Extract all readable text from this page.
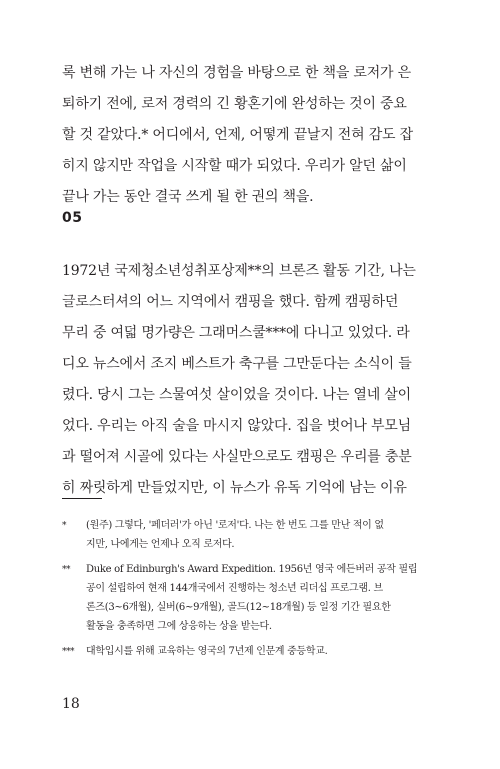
록 변해 가는 나 자신의 경험을 바탕으로 한 책을 로저가 은
퇴하기 전에, 로저 경력의 긴 황혼기에 완성하는 것이 중요
할 것 같았다.* 어디에서, 언제, 어떻게 끝날지 전혀 감도 잡
히지 않지만 작업을 시작할 때가 되었다. 우리가 알던 삶이
끝나 가는 동안 결국 쓰게 될 한 권의 책을.
05
1972년 국제청소년성취포상제**의 브론즈 활동 기간, 나는
글로스터셔의 어느 지역에서 캠핑을 했다. 함께 캠핑하던
무리 중 여덟 명가량은 그래머스쿨***에 다니고 있었다. 라
디오 뉴스에서 조지 베스트가 축구를 그만둔다는 소식이 들
렸다. 당시 그는 스물여섯 살이었을 것이다. 나는 열네 살이
었다. 우리는 아직 술을 마시지 않았다. 집을 벗어나 부모님
과 떨어져 시골에 있다는 사실만으로도 캠핑은 우리를 충분
히 짜릿하게 만들었지만, 이 뉴스가 유독 기억에 남는 이유
* (원주) 그렇다, '페더러'가 아닌 '로저'다. 나는 한 번도 그를 만난 적이 없
지만, 나에게는 언제나 오직 로저다.
** Duke of Edinburgh's Award Expedition. 1956년 영국 에든버러 공작 필립
공이 설립하여 현재 144개국에서 진행하는 청소년 리더십 프로그램. 브
론즈(3~6개월), 실버(6~9개월), 골드(12~18개월) 등 일정 기간 필요한
활동을 충족하면 그에 상응하는 상을 받는다.
*** 대학입시를 위해 교육하는 영국의 7년제 인문계 중등학교.
18
